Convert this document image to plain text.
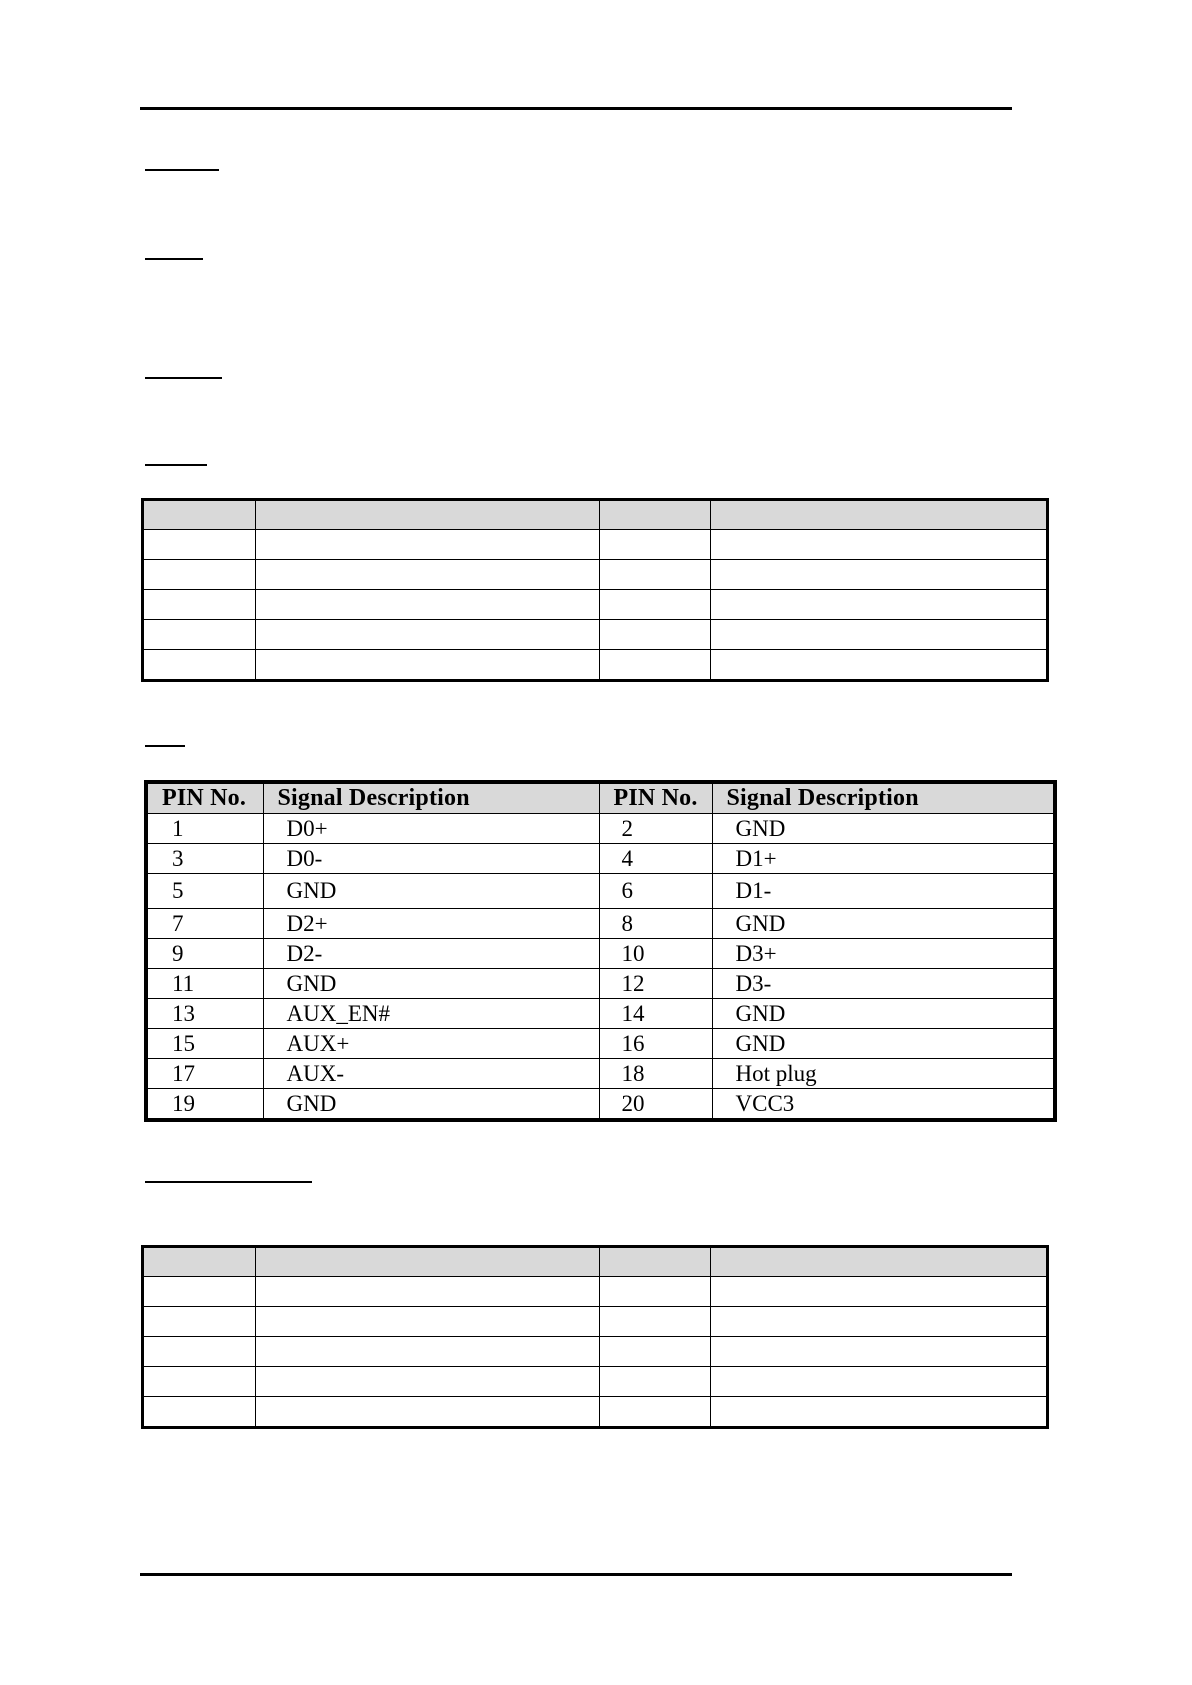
PIN No.	Signal Description	PIN No.	Signal Description
1	D0+	2	GND
3	D0-	4	D1+
5	GND	6	D1-
7	D2+	8	GND
9	D2-	10	D3+
11	GND	12	D3-
13	AUX_EN#	14	GND
15	AUX+	16	GND
17	AUX-	18	Hot plug
19	GND	20	VCC3
